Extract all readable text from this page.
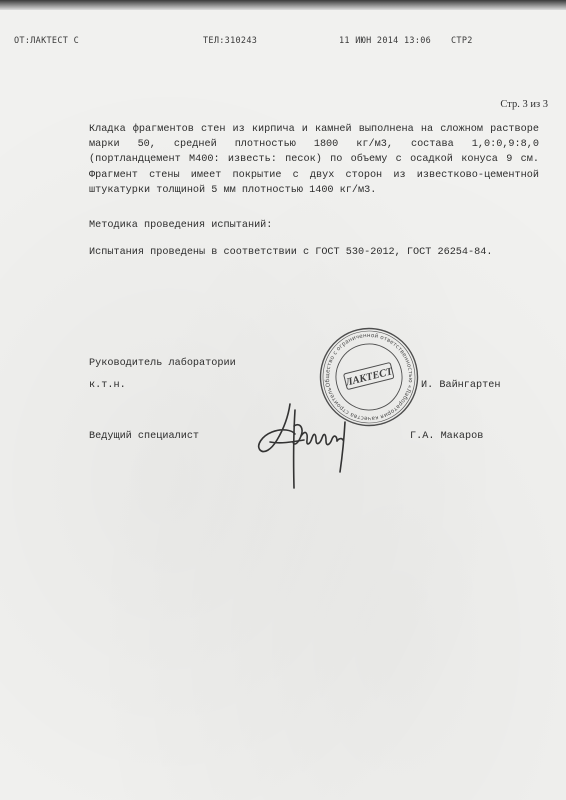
ОТ:ЛАКТЕСТ С	ТЕЛ:310243	11 ИЮН 2014 13:06 СТР2
Стр. 3 из 3

Кладка фрагментов стен из кирпича и камней выполнена на сложном растворе марки 50, средней плотностью 1800 кг/м3, состава 1,0:0,9:8,0 (портландцемент М400: известь: песок) по объему с осадкой конуса 9 см. Фрагмент стены имеет покрытие с двух сторон из известково-цементной штукатурки толщиной 5 мм плотностью 1400 кг/м3.

Методика проведения испытаний:

Испытания проведены в соответствии с ГОСТ 530-2012, ГОСТ 26254-84.

Руководитель лаборатории
к.т.н.	И. Вайнгартен
Ведущий специалист	Г.А. Макаров
Общество с ограниченной ответственностью «Лаборатория качества строительных
ЛАКТЕСТ
